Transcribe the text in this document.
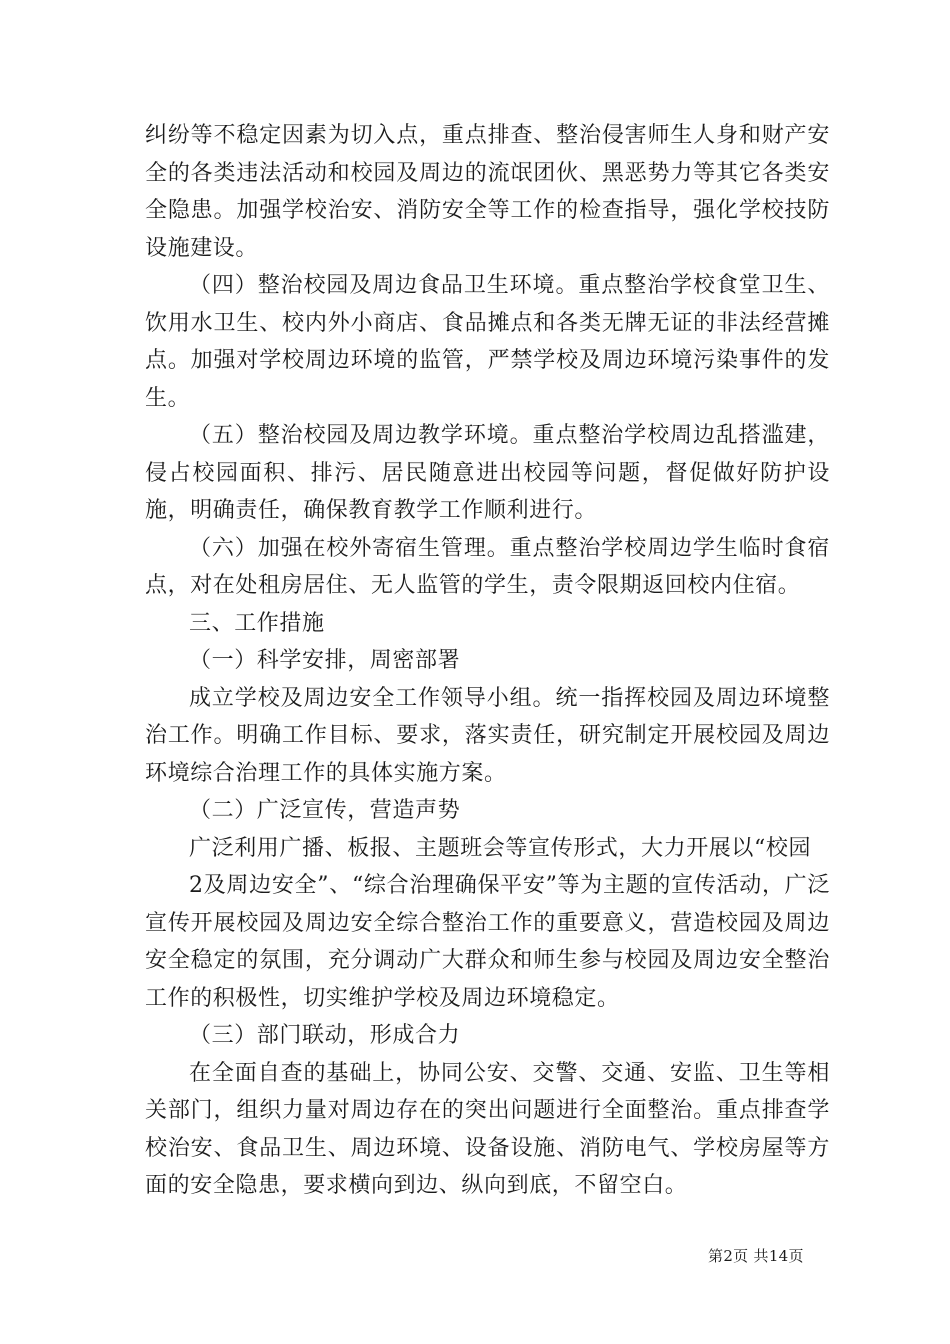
纠纷等不稳定因素为切入点，重点排查、整治侵害师生人身和财产安全的各类违法活动和校园及周边的流氓团伙、黑恶势力等其它各类安全隐患。加强学校治安、消防安全等工作的检查指导，强化学校技防设施建设。

（四）整治校园及周边食品卫生环境。重点整治学校食堂卫生、饮用水卫生、校内外小商店、食品摊点和各类无牌无证的非法经营摊点。加强对学校周边环境的监管，严禁学校及周边环境污染事件的发生。

（五）整治校园及周边教学环境。重点整治学校周边乱搭滥建，侵占校园面积、排污、居民随意进出校园等问题，督促做好防护设施，明确责任，确保教育教学工作顺利进行。

（六）加强在校外寄宿生管理。重点整治学校周边学生临时食宿点，对在处租房居住、无人监管的学生，责令限期返回校内住宿。

三、工作措施

（一）科学安排，周密部署

成立学校及周边安全工作领导小组。统一指挥校园及周边环境整治工作。明确工作目标、要求，落实责任，研究制定开展校园及周边环境综合治理工作的具体实施方案。

（二）广泛宣传，营造声势

广泛利用广播、板报、主题班会等宣传形式，大力开展以“校园

2及周边安全”、“综合治理确保平安”等为主题的宣传活动，广泛宣传开展校园及周边安全综合整治工作的重要意义，营造校园及周边安全稳定的氛围，充分调动广大群众和师生参与校园及周边安全整治工作的积极性，切实维护学校及周边环境稳定。

（三）部门联动，形成合力

在全面自查的基础上，协同公安、交警、交通、安监、卫生等相关部门，组织力量对周边存在的突出问题进行全面整治。重点排查学校治安、食品卫生、周边环境、设备设施、消防电气、学校房屋等方面的安全隐患，要求横向到边、纵向到底，不留空白。

第2页 共14页
